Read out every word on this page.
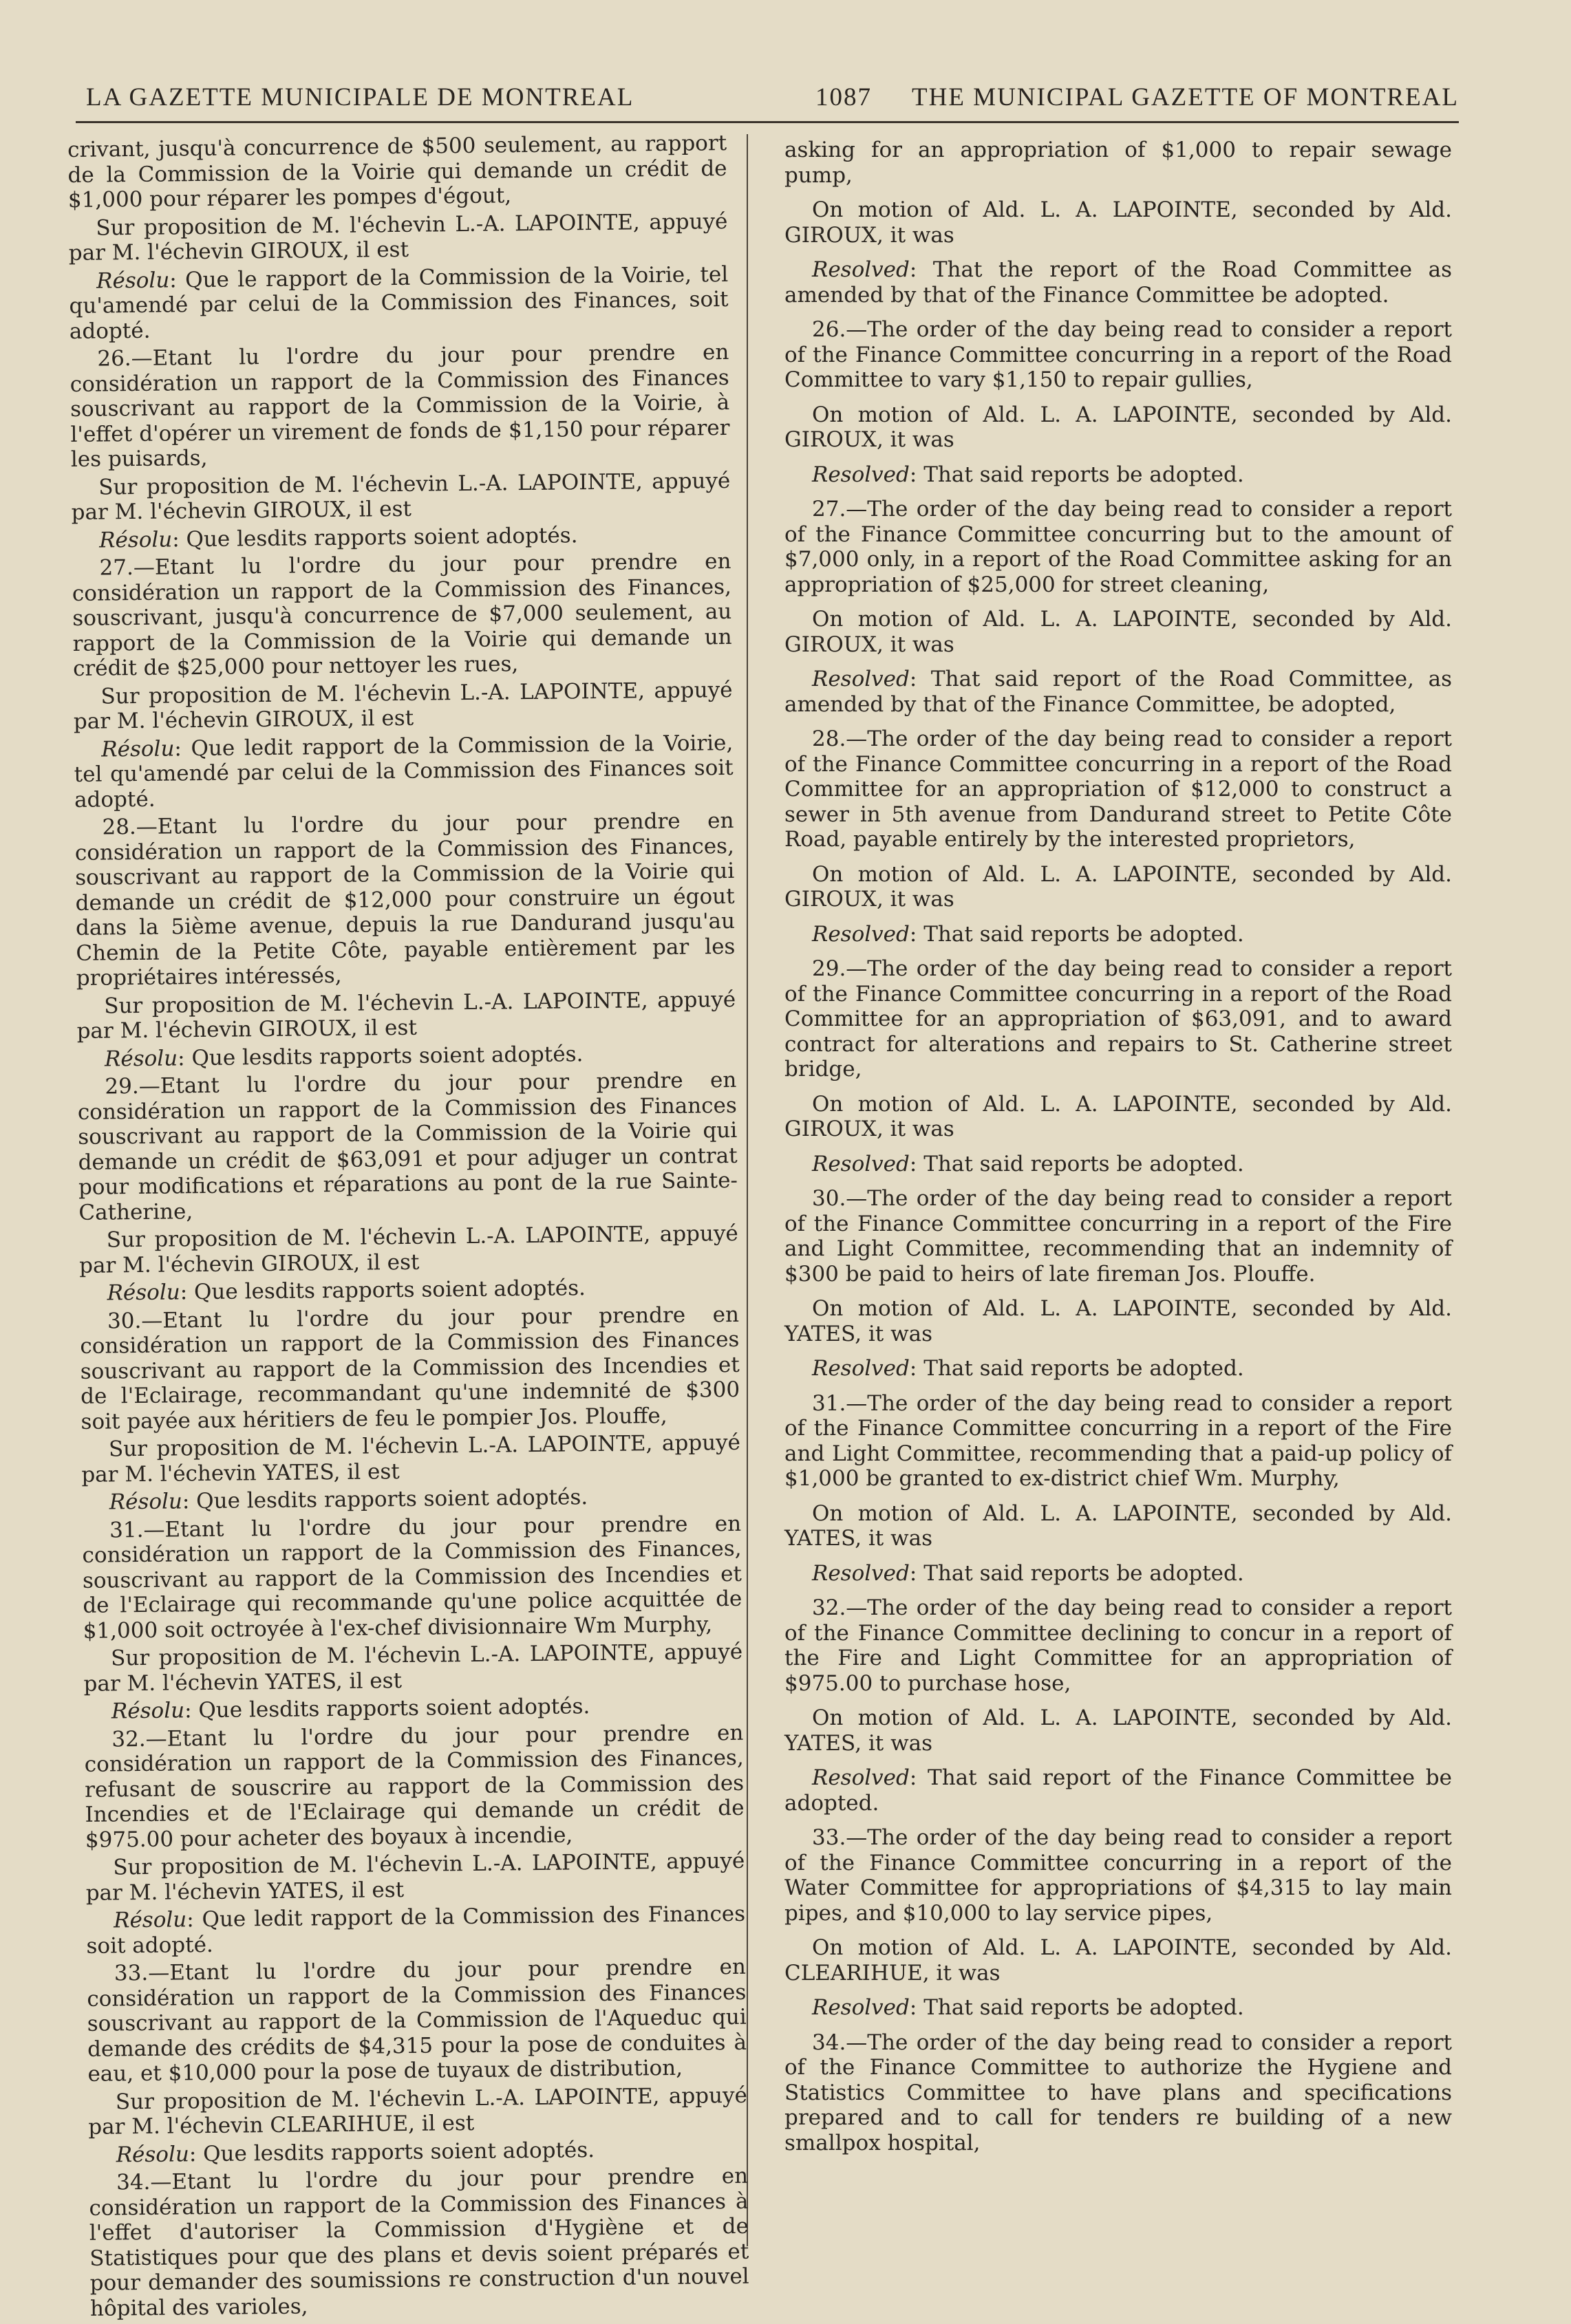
LA GAZETTE MUNICIPALE DE MONTREAL	1087 THE MUNICIPAL GAZETTE OF MONTREAL

crivant, jusqu'à concurrence de $500 seulement, au rapport de la Commission de la Voirie qui demande un crédit de $1,000 pour réparer les pompes d'égout,

Sur proposition de M. l'échevin L.-A. LAPOINTE, appuyé par M. l'échevin GIROUX, il est

Résolu: Que le rapport de la Commission de la Voirie, tel qu'amendé par celui de la Commission des Finances, soit adopté.

26.—Etant lu l'ordre du jour pour prendre en considération un rapport de la Commission des Finances souscrivant au rapport de la Commission de la Voirie, à l'effet d'opérer un virement de fonds de $1,150 pour réparer les puisards,

Sur proposition de M. l'échevin L.-A. LAPOINTE, appuyé par M. l'échevin GIROUX, il est

Résolu: Que lesdits rapports soient adoptés.

27.—Etant lu l'ordre du jour pour prendre en considération un rapport de la Commission des Finances, souscrivant, jusqu'à concurrence de $7,000 seulement, au rapport de la Commission de la Voirie qui demande un crédit de $25,000 pour nettoyer les rues,

Sur proposition de M. l'échevin L.-A. LAPOINTE, appuyé par M. l'échevin GIROUX, il est

Résolu: Que ledit rapport de la Commission de la Voirie, tel qu'amendé par celui de la Commission des Finances soit adopté.

28.—Etant lu l'ordre du jour pour prendre en considération un rapport de la Commission des Finances, souscrivant au rapport de la Commission de la Voirie qui demande un crédit de $12,000 pour construire un égout dans la 5ième avenue, depuis la rue Dandurand jusqu'au Chemin de la Petite Côte, payable entièrement par les propriétaires intéressés,

Sur proposition de M. l'échevin L.-A. LAPOINTE, appuyé par M. l'échevin GIROUX, il est

Résolu: Que lesdits rapports soient adoptés.

29.—Etant lu l'ordre du jour pour prendre en considération un rapport de la Commission des Finances souscrivant au rapport de la Commission de la Voirie qui demande un crédit de $63,091 et pour adjuger un contrat pour modifications et réparations au pont de la rue Sainte-Catherine,

Sur proposition de M. l'échevin L.-A. LAPOINTE, appuyé par M. l'échevin GIROUX, il est

Résolu: Que lesdits rapports soient adoptés.

30.—Etant lu l'ordre du jour pour prendre en considération un rapport de la Commission des Finances souscrivant au rapport de la Commission des Incendies et de l'Eclairage, recommandant qu'une indemnité de $300 soit payée aux héritiers de feu le pompier Jos. Plouffe,

Sur proposition de M. l'échevin L.-A. LAPOINTE, appuyé par M. l'échevin YATES, il est

Résolu: Que lesdits rapports soient adoptés.

31.—Etant lu l'ordre du jour pour prendre en considération un rapport de la Commission des Finances, souscrivant au rapport de la Commission des Incendies et de l'Eclairage qui recommande qu'une police acquittée de $1,000 soit octroyée à l'ex-chef divisionnaire Wm Murphy,

Sur proposition de M. l'échevin L.-A. LAPOINTE, appuyé par M. l'échevin YATES, il est

Résolu: Que lesdits rapports soient adoptés.

32.—Etant lu l'ordre du jour pour prendre en considération un rapport de la Commission des Finances, refusant de souscrire au rapport de la Commission des Incendies et de l'Eclairage qui demande un crédit de $975.00 pour acheter des boyaux à incendie,

Sur proposition de M. l'échevin L.-A. LAPOINTE, appuyé par M. l'échevin YATES, il est

Résolu: Que ledit rapport de la Commission des Finances soit adopté.

33.—Etant lu l'ordre du jour pour prendre en considération un rapport de la Commission des Finances souscrivant au rapport de la Commission de l'Aqueduc qui demande des crédits de $4,315 pour la pose de conduites à eau, et $10,000 pour la pose de tuyaux de distribution,

Sur proposition de M. l'échevin L.-A. LAPOINTE, appuyé par M. l'échevin CLEARIHUE, il est

Résolu: Que lesdits rapports soient adoptés.

34.—Etant lu l'ordre du jour pour prendre en considération un rapport de la Commission des Finances à l'effet d'autoriser la Commission d'Hygiène et de Statistiques pour que des plans et devis soient préparés et pour demander des soumissions re construction d'un nouvel hôpital des varioles,

asking for an appropriation of $1,000 to repair sewage pump,

On motion of Ald. L. A. LAPOINTE, seconded by Ald. GIROUX, it was

Resolved: That the report of the Road Committee as amended by that of the Finance Committee be adopted.

26.—The order of the day being read to consider a report of the Finance Committee concurring in a report of the Road Committee to vary $1,150 to repair gullies,

On motion of Ald. L. A. LAPOINTE, seconded by Ald. GIROUX, it was

Resolved: That said reports be adopted.

27.—The order of the day being read to consider a report of the Finance Committee concurring but to the amount of $7,000 only, in a report of the Road Committee asking for an appropriation of $25,000 for street cleaning,

On motion of Ald. L. A. LAPOINTE, seconded by Ald. GIROUX, it was

Resolved: That said report of the Road Committee, as amended by that of the Finance Committee, be adopted,

28.—The order of the day being read to consider a report of the Finance Committee concurring in a report of the Road Committee for an appropriation of $12,000 to construct a sewer in 5th avenue from Dandurand street to Petite Côte Road, payable entirely by the interested proprietors,

On motion of Ald. L. A. LAPOINTE, seconded by Ald. GIROUX, it was

Resolved: That said reports be adopted.

29.—The order of the day being read to consider a report of the Finance Committee concurring in a report of the Road Committee for an appropriation of $63,091, and to award contract for alterations and repairs to St. Catherine street bridge,

On motion of Ald. L. A. LAPOINTE, seconded by Ald. GIROUX, it was

Resolved: That said reports be adopted.

30.—The order of the day being read to consider a report of the Finance Committee concurring in a report of the Fire and Light Committee, recommending that an indemnity of $300 be paid to heirs of late fireman Jos. Plouffe.

On motion of Ald. L. A. LAPOINTE, seconded by Ald. YATES, it was

Resolved: That said reports be adopted.

31.—The order of the day being read to consider a report of the Finance Committee concurring in a report of the Fire and Light Committee, recommending that a paid-up policy of $1,000 be granted to ex-district chief Wm. Murphy,

On motion of Ald. L. A. LAPOINTE, seconded by Ald. YATES, it was

Resolved: That said reports be adopted.

32.—The order of the day being read to consider a report of the Finance Committee declining to concur in a report of the Fire and Light Committee for an appropriation of $975.00 to purchase hose,

On motion of Ald. L. A. LAPOINTE, seconded by Ald. YATES, it was

Resolved: That said report of the Finance Committee be adopted.

33.—The order of the day being read to consider a report of the Finance Committee concurring in a report of the Water Committee for appropriations of $4,315 to lay main pipes, and $10,000 to lay service pipes,

On motion of Ald. L. A. LAPOINTE, seconded by Ald. CLEARIHUE, it was

Resolved: That said reports be adopted.

34.—The order of the day being read to consider a report of the Finance Committee to authorize the Hygiene and Statistics Committee to have plans and specifications prepared and to call for tenders re building of a new smallpox hospital,
